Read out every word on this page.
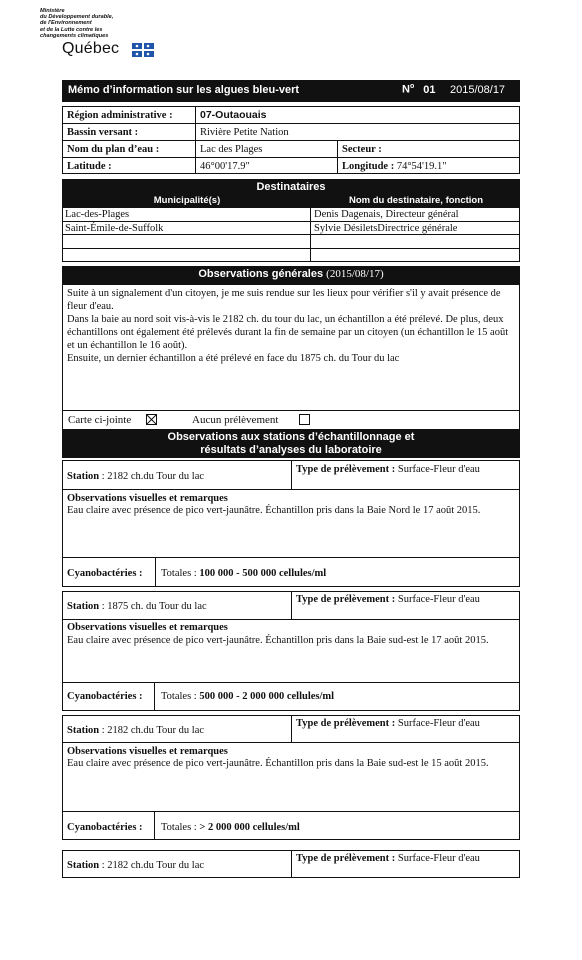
Ministère
du Développement durable,
de l'Environnement
et de la Lutte contre les
changements climatiques
Québec
Mémo d’information sur les algues bleu-vert	$N^o$ 01 2015/08/17
Région administrative :	07-Outaouais
Bassin versant :	Rivière Petite Nation
Nom du plan d’eau :	Lac des Plages	Secteur :
Latitude :	46°00'17.9"	Longitude : 74°54'19.1"
Destinataires
Municipalité(s)	Nom du destinataire, fonction
Lac-des-Plages	Denis Dagenais, Directeur général
Saint-Émile-de-Suffolk	Sylvie DésiletsDirectrice générale
Observations générales (2015/08/17)
Suite à un signalement d'un citoyen, je me suis rendue sur les lieux pour vérifier s'il y avait présence de fleur d'eau.
Dans la baie au nord soit vis-à-vis le 2182 ch. du tour du lac, un échantillon a été prélevé. De plus, deux échantillons ont également été prélevés durant la fin de semaine par un citoyen (un échantillon le 15 août et un échantillon le 16 août).
Ensuite, un dernier échantillon a été prélevé en face du 1875 ch. du Tour du lac
Carte ci-jointe	Aucun prélèvement
Observations aux stations d’échantillonnage et
résultats d’analyses du laboratoire
Station : 2182 ch.du Tour du lac
Type de prélèvement : Surface-Fleur d'eau
Observations visuelles et remarques
Eau claire avec présence de pico vert-jaunâtre. Échantillon pris dans la Baie Nord le 17 août 2015.
Cyanobactéries : Totales : 100 000 - 500 000 cellules/ml
Station : 1875 ch. du Tour du lac
Type de prélèvement : Surface-Fleur d'eau
Observations visuelles et remarques
Eau claire avec présence de pico vert-jaunâtre. Échantillon pris dans la Baie sud-est le 17 août 2015.
Cyanobactéries : Totales : 500 000 - 2 000 000 cellules/ml
Station : 2182 ch.du Tour du lac
Type de prélèvement : Surface-Fleur d'eau
Observations visuelles et remarques
Eau claire avec présence de pico vert-jaunâtre. Échantillon pris dans la Baie sud-est le 15 août 2015.
Cyanobactéries : Totales : > 2 000 000 cellules/ml
Station : 2182 ch.du Tour du lac
Type de prélèvement : Surface-Fleur d'eau
